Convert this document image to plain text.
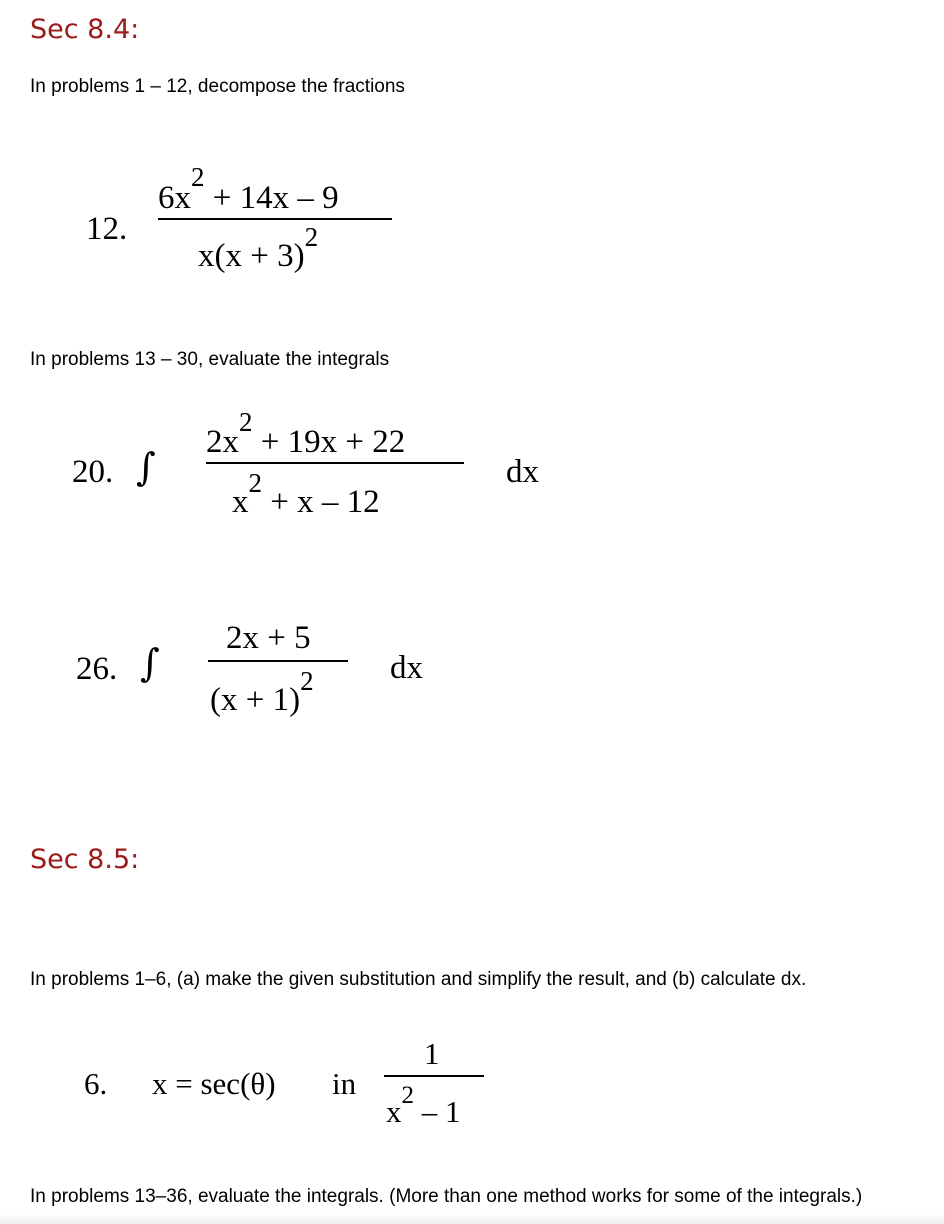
Sec 8.4:
In problems 1 – 12, decompose the fractions
12.
$6x^2 + 14x - 9$
$x(x + 3)^2$
In problems 13 – 30, evaluate the integrals
20. ∫
$2x^2 + 19x + 22$
$x^2 + x - 12$
dx
26. ∫
2x + 5
$(x + 1)^2$ dx
Sec 8.5:
In problems 1–6, (a) make the given substitution and simplify the result, and (b) calculate dx.
6. x = sec(θ) in
1
$x^2 - 1$
In problems 13–36, evaluate the integrals. (More than one method works for some of the integrals.)
